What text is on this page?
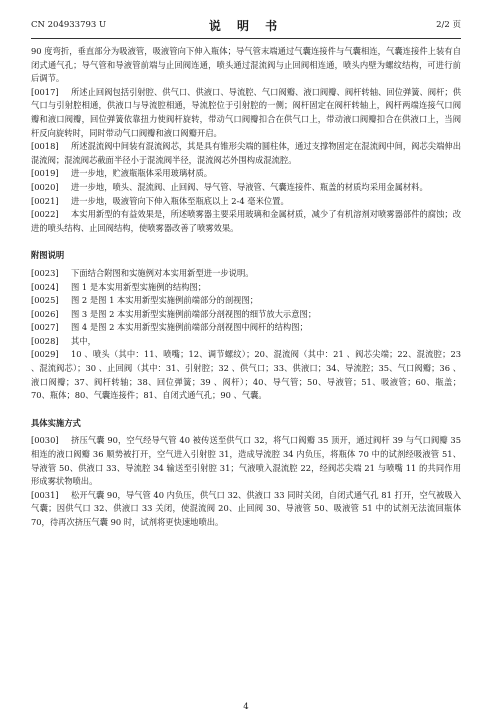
CN 204933793 U	说 明 书	2/2 页

90 度弯折，垂直部分为吸液管，吸液管向下伸入瓶体；导气管末端通过气囊连接件与气囊相连，气囊连接件上装有自闭式通气孔；导气管和导液管前端与止回阀连通，喷头通过混流阀与止回阀相连通，喷头内壁为螺纹结构，可进行前后调节。

[0017] 所述止回阀包括引射腔、供气口、供液口、导流腔、气口阀瓣、液口阀瓣、阀杆转轴、回位弹簧、阀杆；供气口与引射腔相通，供液口与导流腔相通，导流腔位于引射腔的一侧；阀杆固定在阀杆转轴上，阀杆两端连接气口阀瓣和液口阀瓣，回位弹簧依靠扭力使阀杆旋转，带动气口阀瓣扣合在供气口上，带动液口阀瓣扣合在供液口上，当阀杆反向旋转时，同时带动气口阀瓣和液口阀瓣开启。

[0018] 所述混流阀中间装有混流阀芯，其是具有锥形尖端的圆柱体，通过支撑物固定在混流阀中间，阀芯尖端伸出混流阀；混流阀芯截面半径小于混流阀半径，混流阀芯外围构成混流腔。

[0019] 进一步地，贮液瓶瓶体采用玻璃材质。

[0020] 进一步地，喷头、混流阀、止回阀、导气管、导液管、气囊连接件、瓶盖的材质均采用金属材料。

[0021] 进一步地，吸液管向下伸入瓶体至瓶底以上 2-4 毫米位置。

[0022] 本实用新型的有益效果是，所述喷雾器主要采用玻璃和金属材质，减少了有机溶剂对喷雾器部件的腐蚀；改进的喷头结构、止回阀结构，使喷雾器改善了喷雾效果。

附图说明

[0023] 下面结合附图和实施例对本实用新型进一步说明。

[0024] 图 1 是本实用新型实施例的结构图；

[0025] 图 2 是图 1 本实用新型实施例前端部分的剖视图；

[0026] 图 3 是图 2 本实用新型实施例前端部分剖视图的细节放大示意图；

[0027] 图 4 是图 2 本实用新型实施例前端部分剖视图中阀杆的结构图；

[0028] 其中，

[0029] 10 、喷头（其中：11、喷嘴；12、调节螺纹）；20、混流阀（其中：21 、阀芯尖端；22、混流腔；23 、混流阀芯）；30 、止回阀（其中：31、引射腔；32 、供气口；33、供液口；34、导流腔；35、气口阀瓣；36 、液口阀瓣；37、阀杆转轴；38、回位弹簧；39 、阀杆）；40、导气管；50、导液管；51、吸液管；60、瓶盖；70、瓶体；80、气囊连接件；81、自闭式通气孔；90 、气囊。

具体实施方式

[0030] 挤压气囊 90，空气经导气管 40 被传送至供气口 32，将气口阀瓣 35 顶开，通过阀杆 39 与气口阀瓣 35 相连的液口阀瓣 36 顺势被打开，空气进入引射腔 31，造成导流腔 34 内负压，将瓶体 70 中的试剂经吸液管 51、导液管 50、供液口 33、导流腔 34 输送至引射腔 31；气液喷入混流腔 22，经阀芯尖端 21 与喷嘴 11 的共同作用形成雾状物喷出。

[0031] 松开气囊 90，导气管 40 内负压，供气口 32、供液口 33 同时关闭，自闭式通气孔 81 打开，空气被吸入气囊；因供气口 32、供液口 33 关闭，使混流阀 20、止回阀 30、导液管 50、吸液管 51 中的试剂无法流回瓶体 70，待再次挤压气囊 90 时，试剂将更快速地喷出。

4
